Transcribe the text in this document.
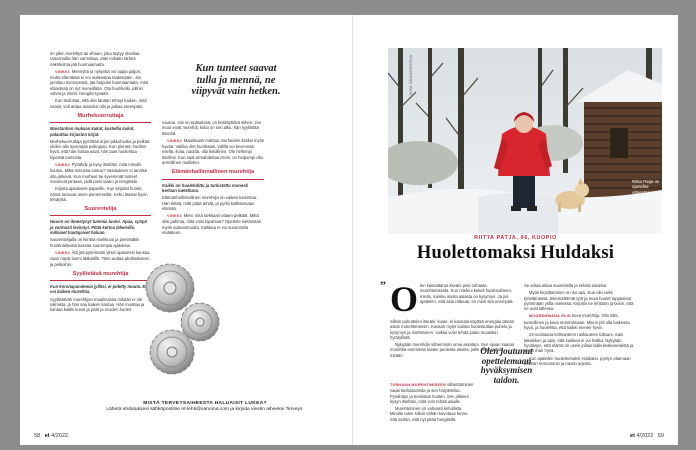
on jokin merkittyä tai vihaan, joka täytyy olvaltaa. Vatvomalla hän varmistaa, ettei mikään tärkeä näkökulma jää huomaamatta.

VINKKI: Mennyttä ja nykyistä voi oppia paljon, mutta elämässä ei voi matkustaa taaksepäin. Jos jumittuu menneessä, jää helposti huomaamatta, mitä elämässä on nyt meneillään. Ota huolihetki, jolloin vatvot ja mietit. Hengitä syvään.

Kun tiedostat, että olet tänään tehnyt kaiken, mitä osasit, voit antaa asioiden olla ja jatkaa eteenpäin.

Murhekuorruttaja
Muistanhan mukaan kukat, kastellia kukat, palauttaa kirjaston kirjat.

Murhekuorruttaja pyörittää arjen pikkuhuolia ja pelkää niiden allo syvempiä pelkojaan. Kun pienten huolten hyvä, että hän hoitaa asiat, hän taas huolehtaa kipeistä tunteista.

VINKKI: Pysähdy ja kysy itseltäsi, mitä minulle kuuluu. Mikä minussa tuntuu? Vastauksen ei tarvitse olla järkevä. Kun murheet tai syvemmät tunteet nousevat pintaan, pidä pieni tauko ja hengittele.

Kirjoita ajatuksesi paperille. Kun kirjoitat huolet, nämä tuntuvat usein pienemmiltä. Kehu itseäsi hyvin tehdystä.

Suurentelija
Huoon on ilmestynyt tummia luomi. Apua, syöpä ja varmasti levinnyt. Pitää kertoa läheisille, millaiset hautajaiset haluan.

Suurentelijalla on kiinteä mielikuva ja pienistäkin huolenaiheista kasvaa suurempia ajatuksia.

VINKKI: Älä jää pyörimään yksin ajatustesi kanssa, vaan näytä luomi lääkärille. Tieto auttaa ahdistukseen ja pelkoihin.

Syyllistävä murehtija
Kun koronapandemia jylläsi, ei pidetty muuta. Ei voi kaiken murehtia.

Syyllistävän murehtijan maailmassa mikään ei ole valmista, ja hän saa kaiken kantaa. Hän muistaa ja kantaa kaikki kuvat ja päät ja muiden huolet.

Kun tunteet saavat tulla ja mennä, ne viipyvät vain hetken.

nauraa. Jos on epäselvää, on keskityttävä siihen. Jos muut eivät murehdi, kuka on sen alku, hän syyllistää itsensä.

VINKKI: Maailmaan mahtuu murheiden lisäksi myös hyvää. Vaikka olet huolissasi, välillä voi kevennää mieltä, iloita, nauttia, olla kiitollinen. Ole hellempi itsellesi. Kun saat armahdettua itsesi, on helpompi olla armollinen muillekin.

Elämänhallinnallinen murehtija
Kaikki on huolehdittu ja turkistettu monesti kertaan lueteltuna.

Elämänhallinnallinen murehtija on vaikea tunnistaa. Hän tietää, mitä pitää tehdä, ja pyrkii hallitsemaan elämää.

VINKKI: Mieti, mitä tarkkaan ottaen pelkäät. Mikä olisi pahinta, mitä voisi tapahtua? Opettele sietämään myös epävarmuutta. Kaikkea ei voi suunnitella etukäteen.

MISTÄ TERVEYSAIHEESTA HALUAISIT LUKEA?
Lähetä ehdotuksesi sähköpostitse et-lehti@sanoma.com ja kirjoita viestin aiheeksi Terveys.
58 et 4/2022
KUVA: SANNA KRISTIINA
Riitta Patja on opetellut vähentämään murehtimista.
RIITTA PATJA, 66, KUOPIO
Huolettomaksi Huldaksi
” O len kasvattanut itseäni pois turhasta murehtimisesta. Kun mieleni kekeli huolenaiheen, mietin, kuinka isosta asiasta on kysymys. Ja jos ajattelen, että asia ratkeaa, en mieti sitä enempää.

Silloin puhuttelen itseäni: kuule, ei kannata käyttää energiaa tämän asian murehtimiseen. Kuvaan myös kuinka huolestuttaa puhelu ja kysymys ja miettiminen, vaikka voisi tehdä jotain muutakin hyödyllistä.

Nykyään murehdin vähemmän omia asioitani. Sen sijaan saatan murehtia enemmän lasten puolesta asioita, joille en voi tehdä mitään.

TURHAAN MUREHTIMISEEN vähentäminen vaatii tiedostamista ja sen harjoittelua. Pysähdyn ja tunnistan huolen. Sen jälkeen kysyn itseltäni, mitä voin tehdä asialle.

Murehtiminen on vahvasti kehollista. Minulle tulee silloin vähän kuvotava tunne. Sitä tiedän, että nyt pitää hengitellä.

Olen joutunut opettelemaan hyväksymisen taidon.

Se antaa aikaa suunnitella ja selvitä asioista.

Myös kirjoittaminen on iso apu. Kun olin vielä työelämässä, tekemättömät työt ja muut huolet tuppasivat pyörimään yöllä mielessä. Kirjoitin ne lehtiöön ja tiesin, että ne ovat tallessa.

MOOREMMANA OLIN kova murehtija. Olin kiltti, tunnollinen ja kova murehtimaan. Minun piti olla kaikessa hyvä, ja huolehtia, että kaikki menee hyvin.

24-vuotiaana kolmanteen raskauteen tultuani. Sain takaiskun ja opin, että kaikkea ei voi hallita. Nykyään hyväksyn, että elämä on usein jollain lailla keskeneräistä ja se on ihan hyvä.

Kun ajattelen huolettomaksi Huldaksi, pystyn ottamaan elämän rennommin ja nautin arjesta.

et 4/2022 59
